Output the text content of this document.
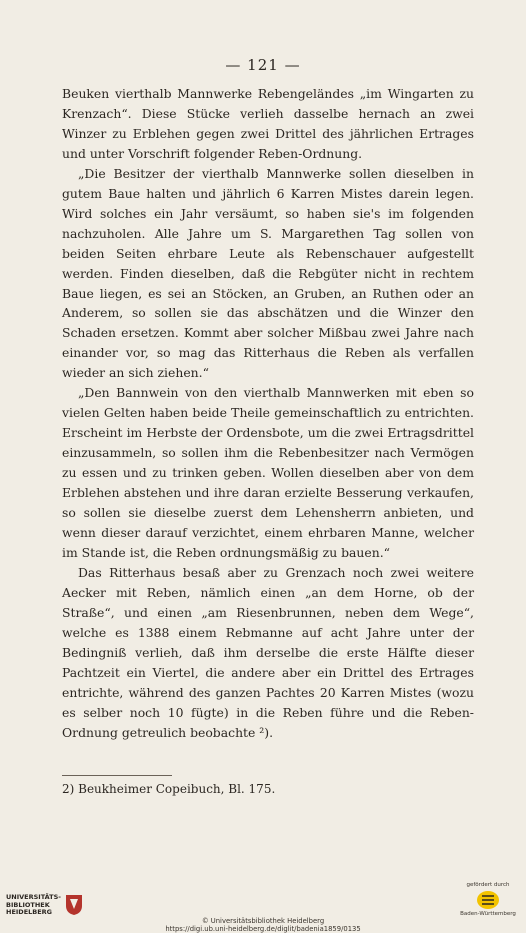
— 121 —

Beuken vierthalb Mannwerke Rebengeländes „im Wingarten zu Krenzach“. Diese Stücke verlieh dasselbe hernach an zwei Winzer zu Erblehen gegen zwei Drittel des jährlichen Ertrages und unter Vorschrift folgender Reben-Ordnung.

„Die Besitzer der vierthalb Mannwerke sollen dieselben in gutem Baue halten und jährlich 6 Karren Mistes darein legen. Wird solches ein Jahr versäumt, so haben sie's im folgenden nachzuholen. Alle Jahre um S. Margarethen Tag sollen von beiden Seiten ehrbare Leute als Rebenschauer aufgestellt werden. Finden dieselben, daß die Rebgüter nicht in rechtem Baue liegen, es sei an Stöcken, an Gruben, an Ruthen oder an Anderem, so sollen sie das abschätzen und die Winzer den Schaden ersetzen. Kommt aber solcher Mißbau zwei Jahre nach einander vor, so mag das Ritterhaus die Reben als verfallen wieder an sich ziehen.“

„Den Bannwein von den vierthalb Mannwerken mit eben so vielen Gelten haben beide Theile gemeinschaftlich zu entrichten. Erscheint im Herbste der Ordensbote, um die zwei Ertragsdrittel einzusammeln, so sollen ihm die Rebenbesitzer nach Vermögen zu essen und zu trinken geben. Wollen dieselben aber von dem Erblehen abstehen und ihre daran erzielte Besserung verkaufen, so sollen sie dieselbe zuerst dem Lehensherrn anbieten, und wenn dieser darauf verzichtet, einem ehrbaren Manne, welcher im Stande ist, die Reben ordnungsmäßig zu bauen.“

Das Ritterhaus besaß aber zu Grenzach noch zwei weitere Aecker mit Reben, nämlich einen „an dem Horne, ob der Straße“, und einen „am Riesenbrunnen, neben dem Wege“, welche es 1388 einem Rebmanne auf acht Jahre unter der Bedingniß verlieh, daß ihm derselbe die erste Hälfte dieser Pachtzeit ein Viertel, die andere aber ein Drittel des Ertrages entrichte, während des ganzen Pachtes 20 Karren Mistes (wozu es selber noch 10 fügte) in die Reben führe und die Reben-Ordnung getreulich beobachte ²).

2) Beukheimer Copeibuch, Bl. 175.
UNIVERSITÄTS-
BIBLIOTHEK
HEIDELBERG
© Universitätsbibliothek Heidelberg
https://digi.ub.uni-heidelberg.de/diglit/badenia1859/0135
gefördert durch
Baden-Württemberg
